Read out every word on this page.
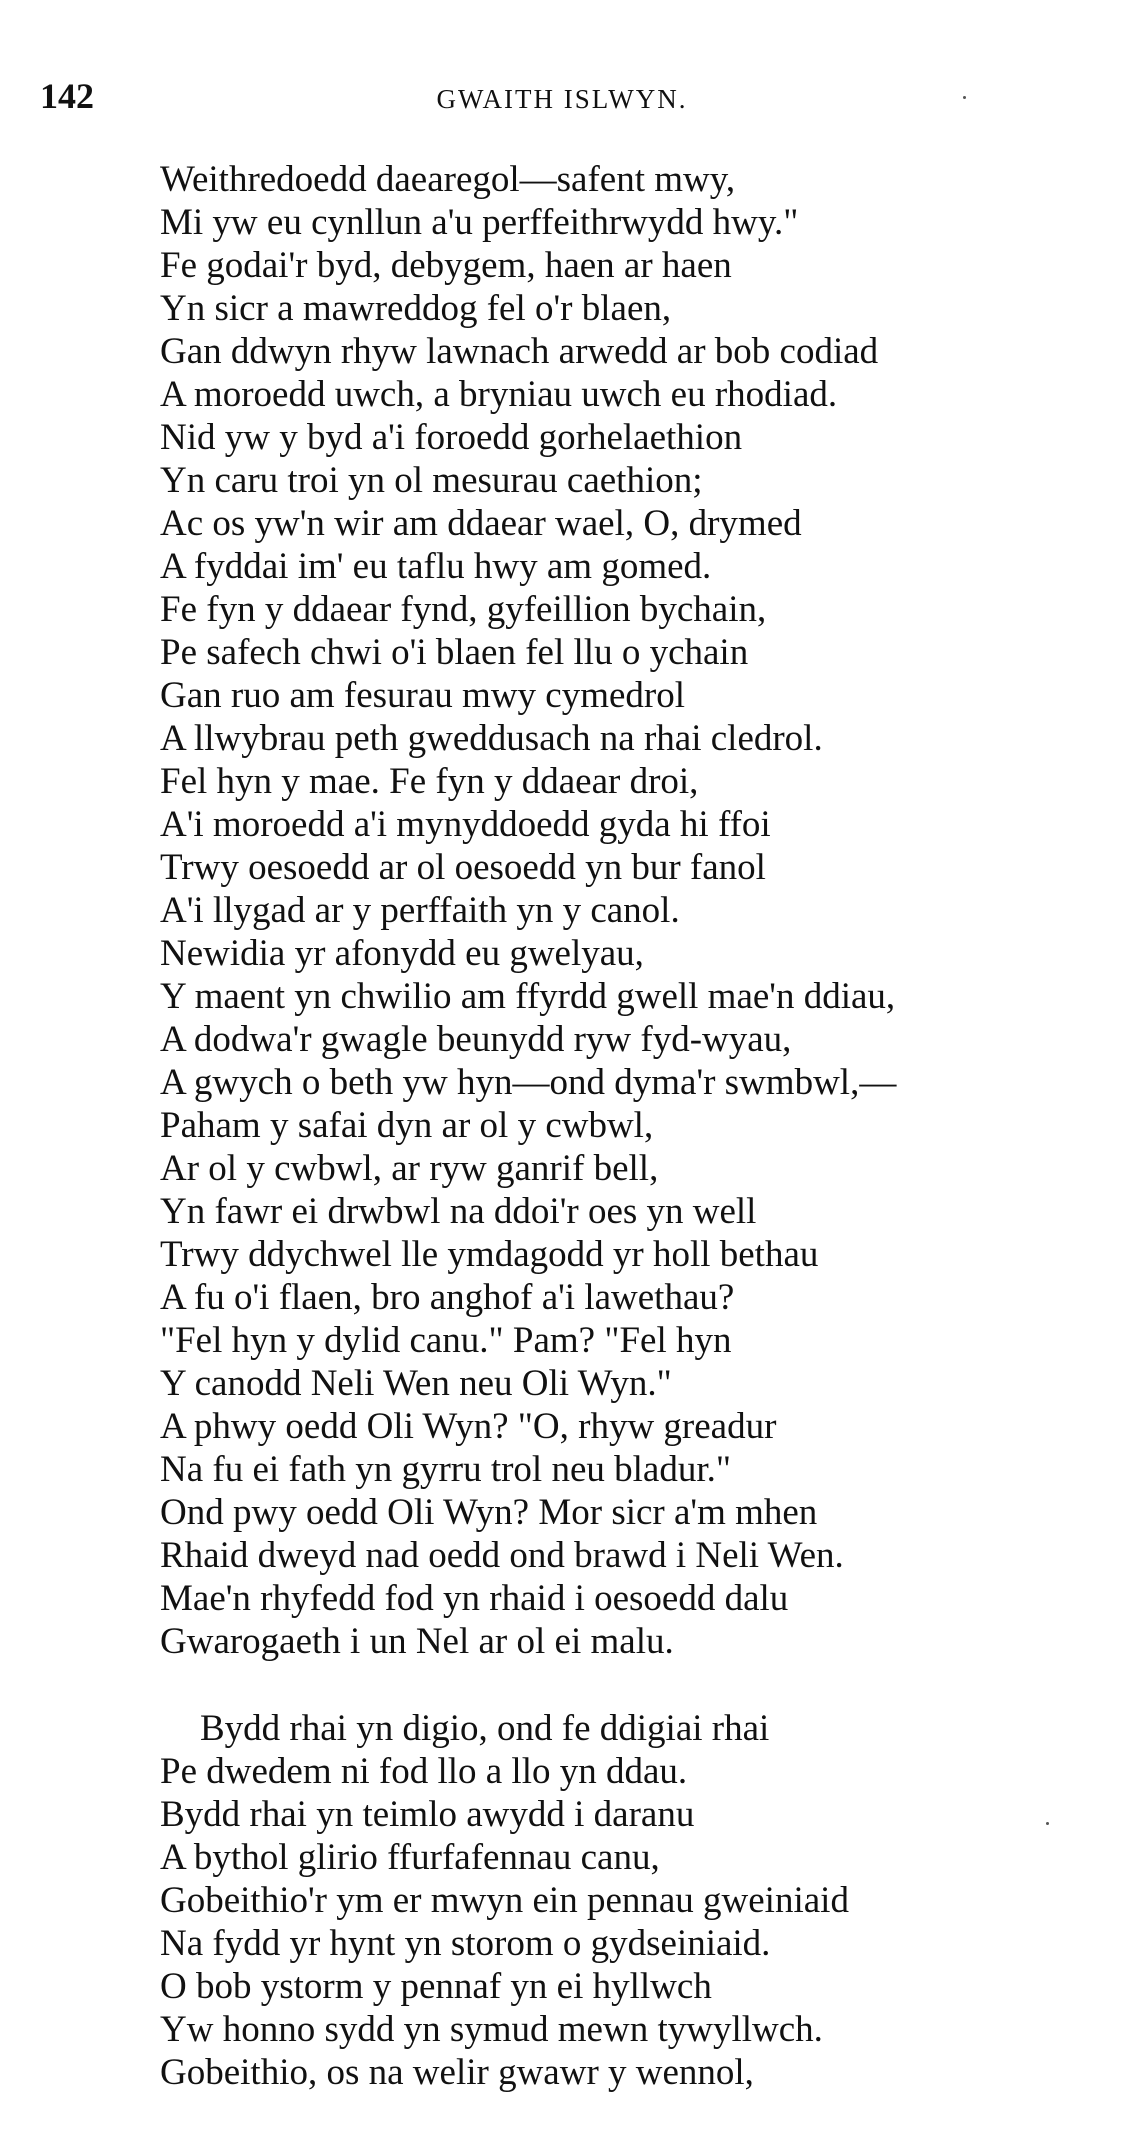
142	GWAITH ISLWYN.
Weithredoedd daearegol—safent mwy,
Mi yw eu cynllun a'u perffeithrwydd hwy."
Fe godai'r byd, debygem, haen ar haen
Yn sicr a mawreddog fel o'r blaen,
Gan ddwyn rhyw lawnach arwedd ar bob codiad
A moroedd uwch, a bryniau uwch eu rhodiad.
Nid yw y byd a'i foroedd gorhelaethion
Yn caru troi yn ol mesurau caethion;
Ac os yw'n wir am ddaear wael, O, drymed
A fyddai im' eu taflu hwy am gomed.
Fe fyn y ddaear fynd, gyfeillion bychain,
Pe safech chwi o'i blaen fel llu o ychain
Gan ruo am fesurau mwy cymedrol
A llwybrau peth gweddusach na rhai cledrol.
Fel hyn y mae. Fe fyn y ddaear droi,
A'i moroedd a'i mynyddoedd gyda hi ffoi
Trwy oesoedd ar ol oesoedd yn bur fanol
A'i llygad ar y perffaith yn y canol.
Newidia yr afonydd eu gwelyau,
Y maent yn chwilio am ffyrdd gwell mae'n ddiau,
A dodwa'r gwagle beunydd ryw fyd-wyau,
A gwych o beth yw hyn—ond dyma'r swmbwl,—
Paham y safai dyn ar ol y cwbwl,
Ar ol y cwbwl, ar ryw ganrif bell,
Yn fawr ei drwbwl na ddoi'r oes yn well
Trwy ddychwel lle ymdagodd yr holl bethau
A fu o'i flaen, bro anghof a'i lawethau?
"Fel hyn y dylid canu." Pam? "Fel hyn
Y canodd Neli Wen neu Oli Wyn."
A phwy oedd Oli Wyn? "O, rhyw greadur
Na fu ei fath yn gyrru trol neu bladur."
Ond pwy oedd Oli Wyn? Mor sicr a'm mhen
Rhaid dweyd nad oedd ond brawd i Neli Wen.
Mae'n rhyfedd fod yn rhaid i oesoedd dalu
Gwarogaeth i un Nel ar ol ei malu.
Bydd rhai yn digio, ond fe ddigiai rhai
Pe dwedem ni fod llo a llo yn ddau.
Bydd rhai yn teimlo awydd i daranu
A bythol glirio ffurfafennau canu,
Gobeithio'r ym er mwyn ein pennau gweiniaid
Na fydd yr hynt yn storom o gydseiniaid.
O bob ystorm y pennaf yn ei hyllwch
Yw honno sydd yn symud mewn tywyllwch.
Gobeithio, os na welir gwawr y wennol,
